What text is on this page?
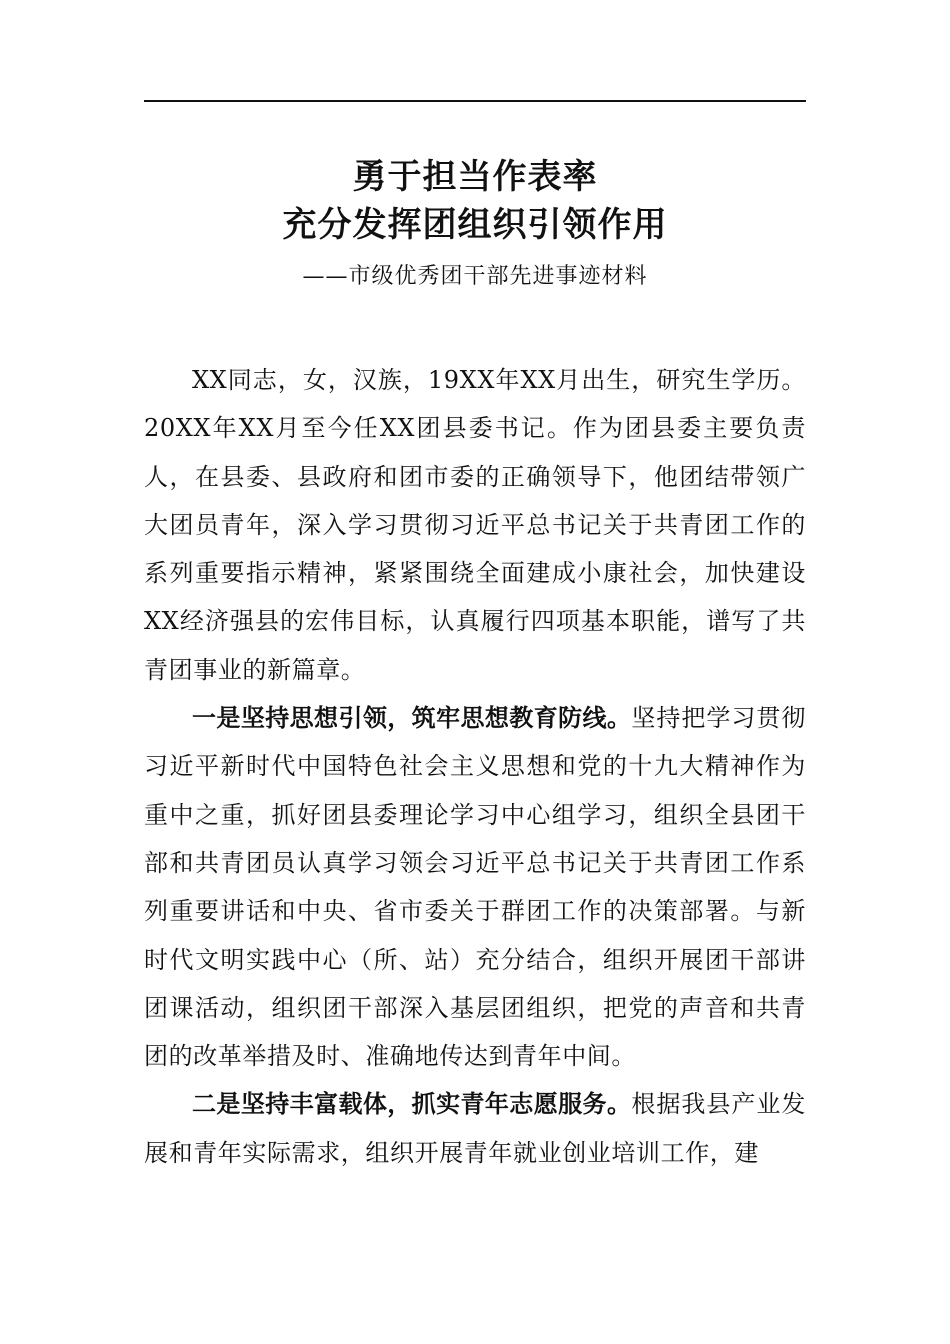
勇于担当作表率
充分发挥团组织引领作用
——市级优秀团干部先进事迹材料

XX同志，女，汉族，19XX年XX月出生，研究生学历。20XX年XX月至今任XX团县委书记。作为团县委主要负责人，在县委、县政府和团市委的正确领导下，他团结带领广大团员青年，深入学习贯彻习近平总书记关于共青团工作的系列重要指示精神，紧紧围绕全面建成小康社会，加快建设XX经济强县的宏伟目标，认真履行四项基本职能，谱写了共青团事业的新篇章。

一是坚持思想引领，筑牢思想教育防线。坚持把学习贯彻习近平新时代中国特色社会主义思想和党的十九大精神作为重中之重，抓好团县委理论学习中心组学习，组织全县团干部和共青团员认真学习领会习近平总书记关于共青团工作系列重要讲话和中央、省市委关于群团工作的决策部署。与新时代文明实践中心（所、站）充分结合，组织开展团干部讲团课活动，组织团干部深入基层团组织，把党的声音和共青团的改革举措及时、准确地传达到青年中间。

二是坚持丰富载体，抓实青年志愿服务。根据我县产业发展和青年实际需求，组织开展青年就业创业培训工作，建
